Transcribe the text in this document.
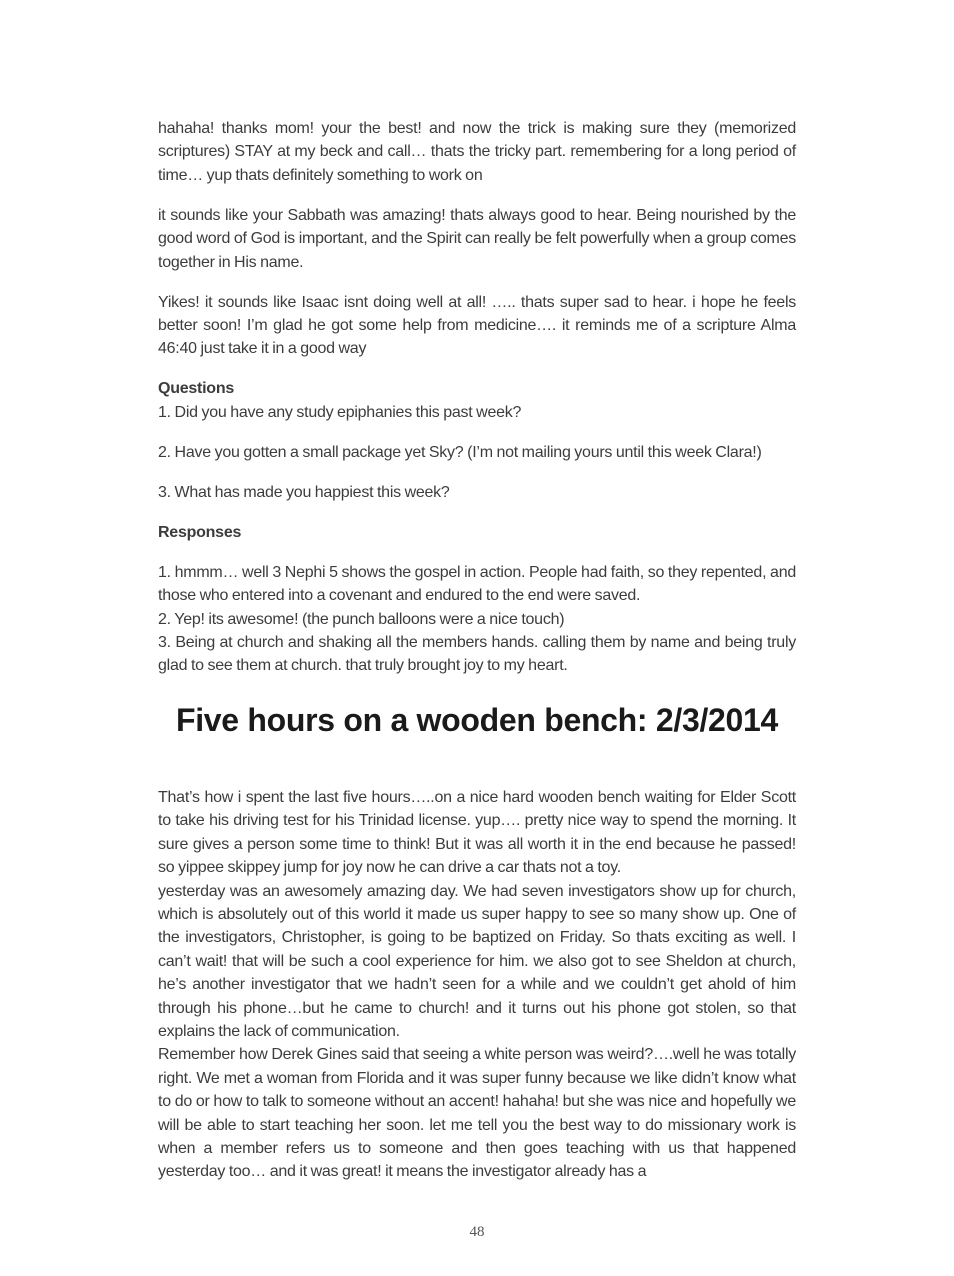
hahaha! thanks mom! your the best! and now the trick is making sure they (memorized scriptures) STAY at my beck and call… thats the tricky part. remembering for a long period of time… yup thats definitely something to work on

it sounds like your Sabbath was amazing! thats always good to hear. Being nourished by the good word of God is important, and the Spirit can really be felt powerfully when a group comes together in His name.

Yikes! it sounds like Isaac isnt doing well at all! ….. thats super sad to hear. i hope he feels better soon! I’m glad he got some help from medicine…. it reminds me of a scripture Alma 46:40 just take it in a good way

Questions

1. Did you have any study epiphanies this past week?

2. Have you gotten a small package yet Sky? (I’m not mailing yours until this week Clara!)

3. What has made you happiest this week?

Responses

1. hmmm… well 3 Nephi 5 shows the gospel in action. People had faith, so they repented, and those who entered into a covenant and endured to the end were saved.

2. Yep! its awesome! (the punch balloons were a nice touch)

3. Being at church and shaking all the members hands. calling them by name and being truly glad to see them at church. that truly brought joy to my heart.

Five hours on a wooden bench: 2/3/2014

That’s how i spent the last five hours…..on a nice hard wooden bench waiting for Elder Scott to take his driving test for his Trinidad license. yup…. pretty nice way to spend the morning. It sure gives a person some time to think! But it was all worth it in the end because he passed! so yippee skippey jump for joy now he can drive a car thats not a toy.

yesterday was an awesomely amazing day. We had seven investigators show up for church, which is absolutely out of this world it made us super happy to see so many show up. One of the investigators, Christopher, is going to be baptized on Friday. So thats exciting as well. I can’t wait! that will be such a cool experience for him. we also got to see Sheldon at church, he’s another investigator that we hadn’t seen for a while and we couldn’t get ahold of him through his phone…but he came to church! and it turns out his phone got stolen, so that explains the lack of communication.

Remember how Derek Gines said that seeing a white person was weird?….well he was totally right. We met a woman from Florida and it was super funny because we like didn’t know what to do or how to talk to someone without an accent! hahaha! but she was nice and hopefully we will be able to start teaching her soon. let me tell you the best way to do missionary work is when a member refers us to someone and then goes teaching with us that happened yesterday too… and it was great! it means the investigator already has a

48
